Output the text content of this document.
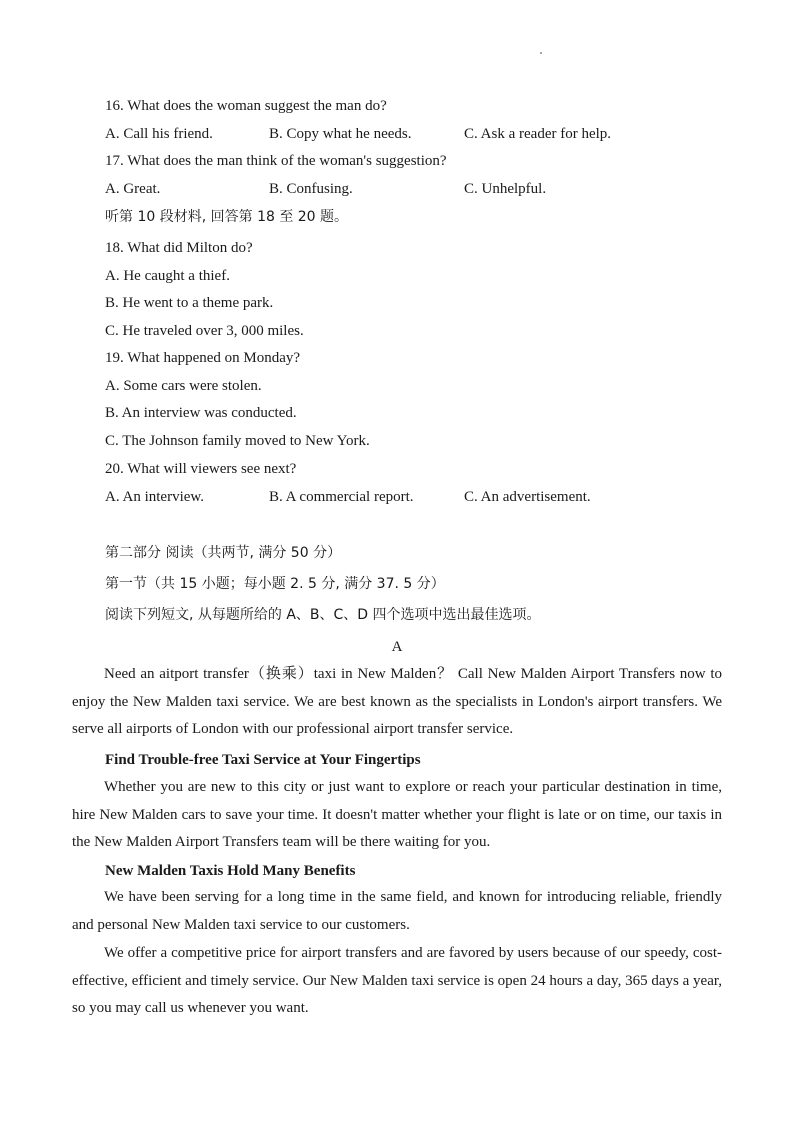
16. What does the woman suggest the man do?
A. Call his friend.	B. Copy what he needs.	C. Ask a reader for help.
17. What does the man think of the woman's suggestion?
A. Great.	B. Confusing.	C. Unhelpful.
听第 10 段材料, 回答第 18 至 20 题。
18. What did Milton do?
A. He caught a thief.
B. He went to a theme park.
C. He traveled over 3, 000 miles.
19. What happened on Monday?
A. Some cars were stolen.
B. An interview was conducted.
C. The Johnson family moved to New York.
20. What will viewers see next?
A. An interview.	B. A commercial report.	C. An advertisement.
第二部分 阅读（共两节, 满分 50 分）
第一节（共 15 小题；每小题 2. 5 分, 满分 37. 5 分）
阅读下列短文, 从每题所给的 A、B、C、D 四个选项中选出最佳选项。
A
Need an aitport transfer（换乘）taxi in New Malden？ Call New Malden Airport Transfers now to enjoy the New Malden taxi service. We are best known as the specialists in London's airport transfers. We serve all airports of London with our professional airport transfer service.
Find Trouble-free Taxi Service at Your Fingertips
Whether you are new to this city or just want to explore or reach your particular destination in time, hire New Malden cars to save your time. It doesn't matter whether your flight is late or on time, our taxis in the New Malden Airport Transfers team will be there waiting for you.
New Malden Taxis Hold Many Benefits
We have been serving for a long time in the same field, and known for introducing reliable, friendly and personal New Malden taxi service to our customers.
We offer a competitive price for airport transfers and are favored by users because of our speedy, cost-effective, efficient and timely service. Our New Malden taxi service is open 24 hours a day, 365 days a year, so you may call us whenever you want.
